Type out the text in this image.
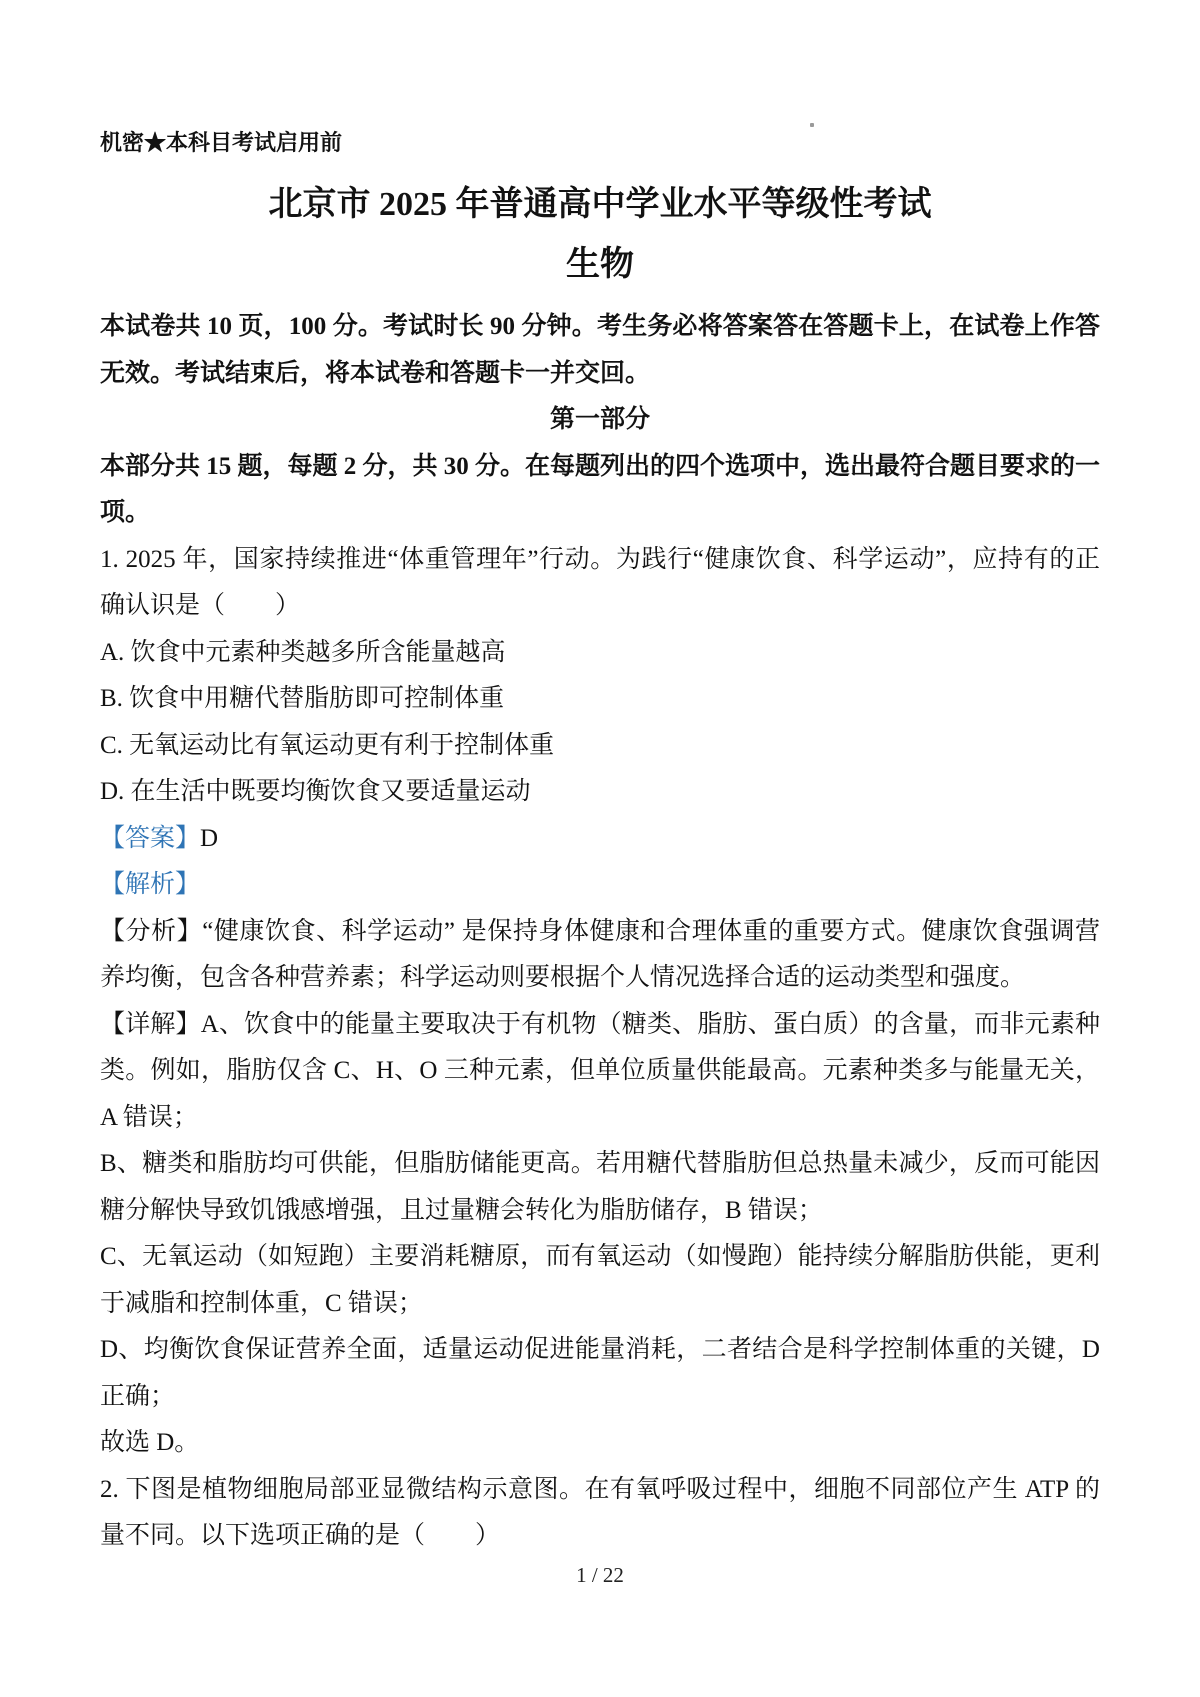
机密★本科目考试启用前
北京市 2025 年普通高中学业水平等级性考试
生物

本试卷共 10 页，100 分。考试时长 90 分钟。考生务必将答案答在答题卡上，在试卷上作答无效。考试结束后，将本试卷和答题卡一并交回。

第一部分

本部分共 15 题，每题 2 分，共 30 分。在每题列出的四个选项中，选出最符合题目要求的一项。

1. 2025 年，国家持续推进“体重管理年”行动。为践行“健康饮食、科学运动”，应持有的正确认识是（　　）

A. 饮食中元素种类越多所含能量越高

B. 饮食中用糖代替脂肪即可控制体重

C. 无氧运动比有氧运动更有利于控制体重

D. 在生活中既要均衡饮食又要适量运动

【答案】D

【解析】

【分析】“健康饮食、科学运动” 是保持身体健康和合理体重的重要方式。健康饮食强调营养均衡，包含各种营养素；科学运动则要根据个人情况选择合适的运动类型和强度。

【详解】A、饮食中的能量主要取决于有机物（糖类、脂肪、蛋白质）的含量，而非元素种类。例如，脂肪仅含 C、H、O 三种元素，但单位质量供能最高。元素种类多与能量无关，A 错误；

B、糖类和脂肪均可供能，但脂肪储能更高。若用糖代替脂肪但总热量未减少，反而可能因糖分解快导致饥饿感增强，且过量糖会转化为脂肪储存，B 错误；

C、无氧运动（如短跑）主要消耗糖原，而有氧运动（如慢跑）能持续分解脂肪供能，更利于减脂和控制体重，C 错误；

D、均衡饮食保证营养全面，适量运动促进能量消耗，二者结合是科学控制体重的关键，D 正确；

故选 D。

2. 下图是植物细胞局部亚显微结构示意图。在有氧呼吸过程中，细胞不同部位产生 ATP 的量不同。以下选项正确的是（　　）

1 / 22
